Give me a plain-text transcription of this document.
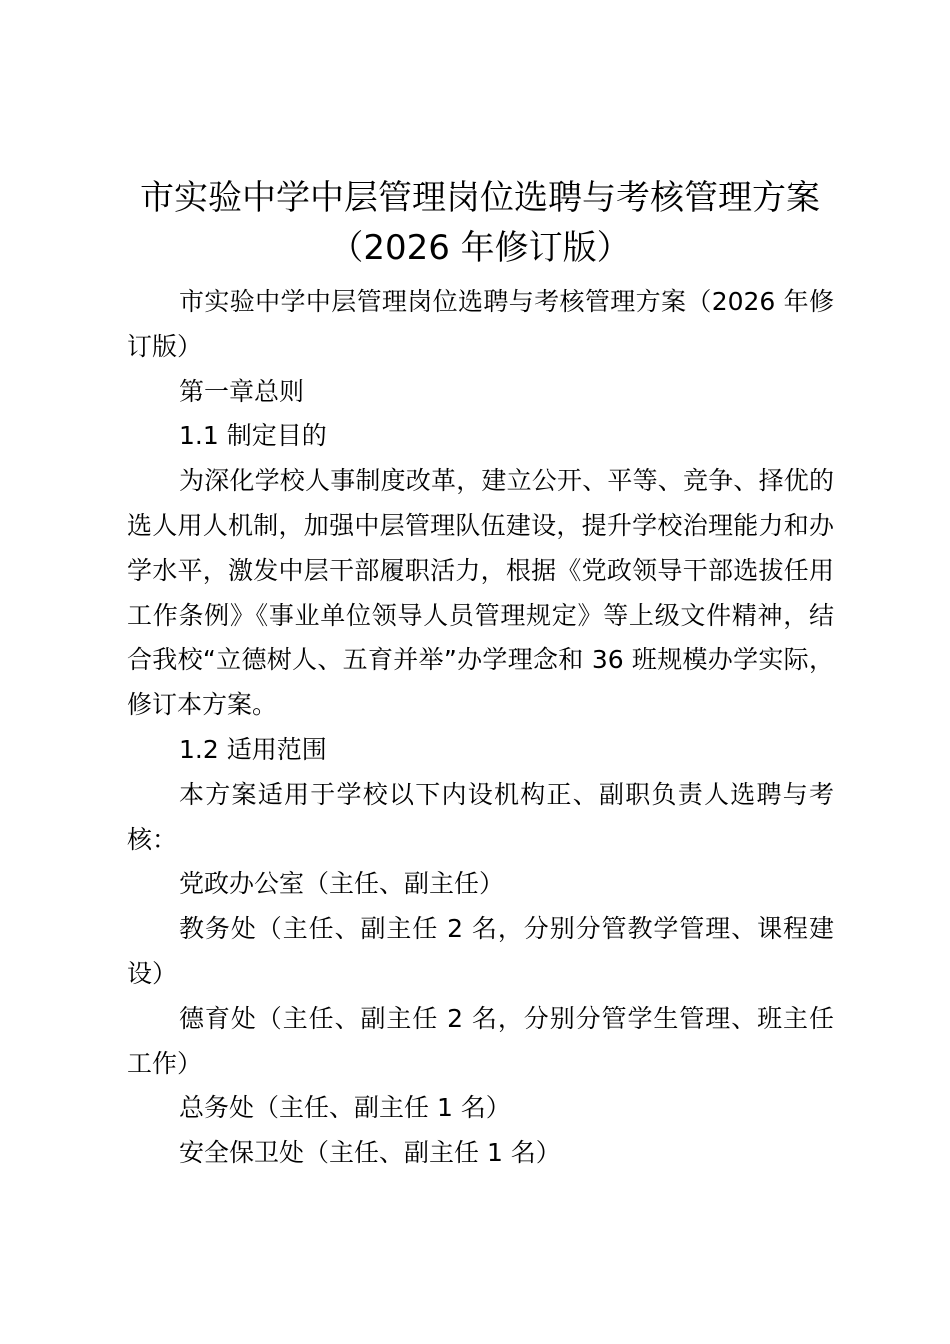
市实验中学中层管理岗位选聘与考核管理方案
（2026 年修订版）

市实验中学中层管理岗位选聘与考核管理方案（2026 年修订版）

第一章总则

1.1 制定目的

为深化学校人事制度改革，建立公开、平等、竞争、择优的选人用人机制，加强中层管理队伍建设，提升学校治理能力和办学水平，激发中层干部履职活力，根据《党政领导干部选拔任用工作条例》《事业单位领导人员管理规定》等上级文件精神，结合我校“立德树人、五育并举”办学理念和 36 班规模办学实际，修订本方案。

1.2 适用范围

本方案适用于学校以下内设机构正、副职负责人选聘与考核：

党政办公室（主任、副主任）

教务处（主任、副主任 2 名，分别分管教学管理、课程建设）

德育处（主任、副主任 2 名，分别分管学生管理、班主任工作）

总务处（主任、副主任 1 名）

安全保卫处（主任、副主任 1 名）
